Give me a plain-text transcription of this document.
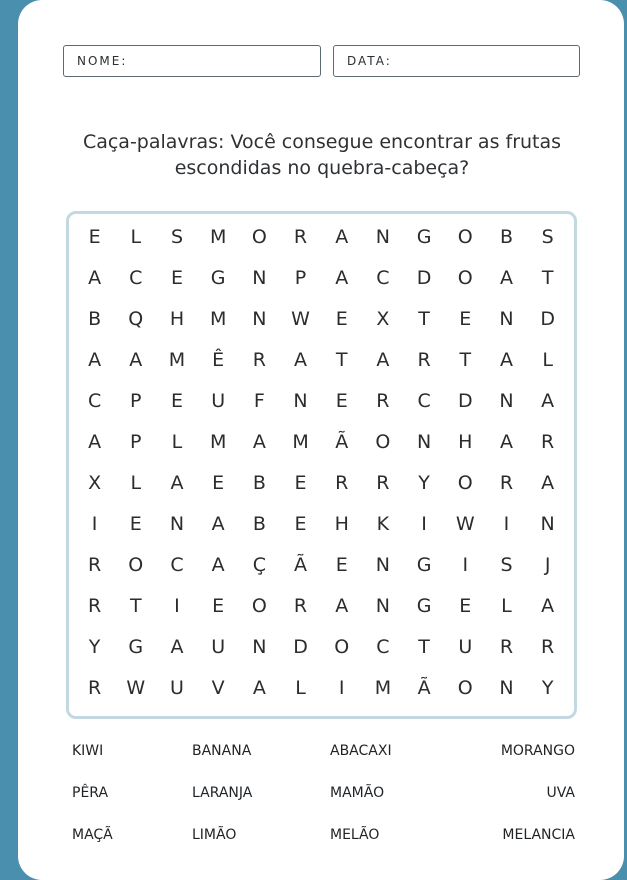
NOME:	DATA:
Caça-palavras: Você consegue encontrar as frutas escondidas no quebra-cabeça?
E	L	S	M	O	R	A	N	G	O	B	S
A	C	E	G	N	P	A	C	D	O	A	T
B	Q	H	M	N	W	E	X	T	E	N	D
A	A	M	Ê	R	A	T	A	R	T	A	L
C	P	E	U	F	N	E	R	C	D	N	A
A	P	L	M	A	M	Ã	O	N	H	A	R
X	L	A	E	B	E	R	R	Y	O	R	A
I	E	N	A	B	E	H	K	I	W	I	N
R	O	C	A	Ç	Ã	E	N	G	I	S	J
R	T	I	E	O	R	A	N	G	E	L	A
Y	G	A	U	N	D	O	C	T	U	R	R
R	W	U	V	A	L	I	M	Ã	O	N	Y
KIWI	BANANA	ABACAXI	MORANGO
PÊRA	LARANJA	MAMÃO	UVA
MAÇÃ	LIMÃO	MELÃO	MELANCIA
